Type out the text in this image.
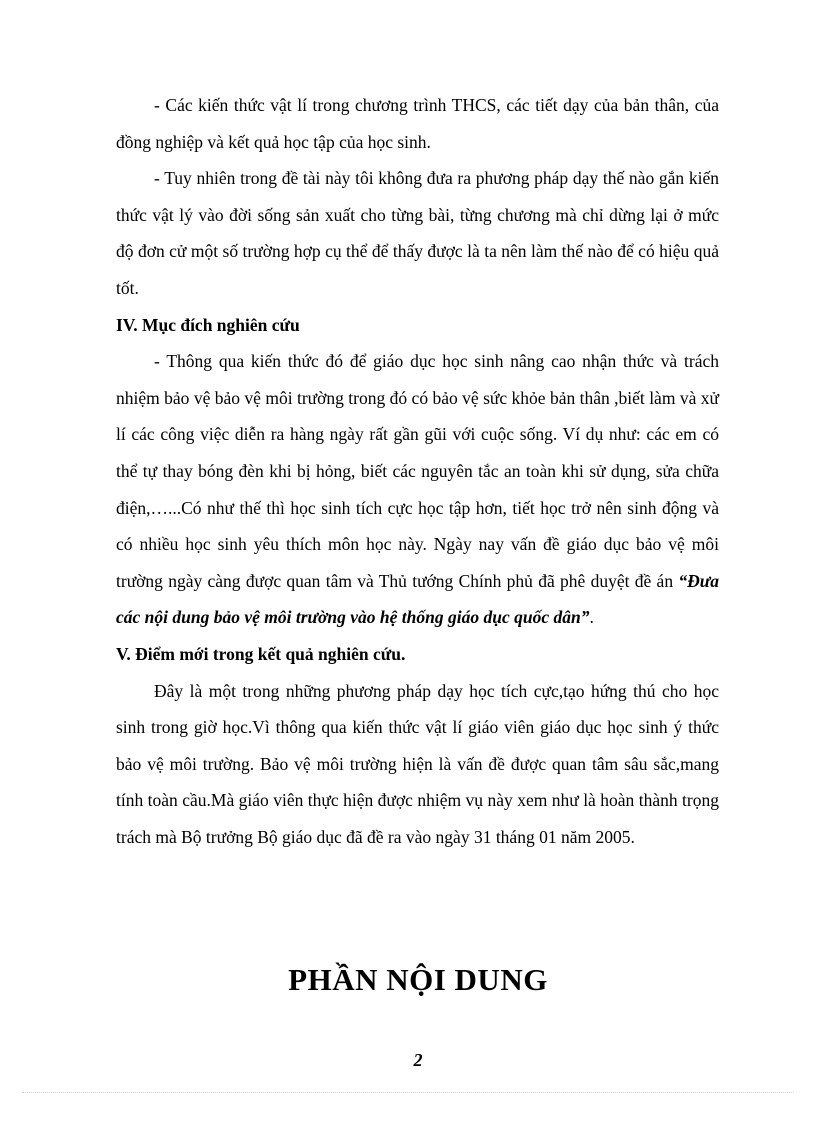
- Các kiến thức vật lí trong chương trình THCS, các tiết dạy của bản thân, của đồng nghiệp và kết quả học tập của học sinh.

- Tuy nhiên trong đề tài này tôi không đưa ra phương pháp dạy thế nào gắn kiến thức vật lý vào đời sống sản xuất cho từng bài, từng chương mà chỉ dừng lại ở mức độ đơn cử một số trường hợp cụ thể để thấy được là ta nên làm thế nào để có hiệu quả tốt.

IV. Mục đích nghiên cứu

- Thông qua kiến thức đó để giáo dục học sinh nâng cao nhận thức và trách nhiệm bảo vệ bảo vệ môi trường trong đó có bảo vệ sức khỏe bản thân ,biết làm và xử lí các công việc diễn ra hàng ngày rất gần gũi với cuộc sống. Ví dụ như: các em có thể tự thay bóng đèn khi bị hỏng, biết các nguyên tắc an toàn khi sử dụng, sửa chữa điện,…...Có như thế thì học sinh tích cực học tập hơn, tiết học trở nên sinh động và có nhiều học sinh yêu thích môn học này. Ngày nay vấn đề giáo dục bảo vệ môi trường ngày càng được quan tâm và Thủ tướng Chính phủ đã phê duyệt đề án “Đưa các nội dung bảo vệ môi trường vào hệ thống giáo dục quốc dân”.

V. Điểm mới trong kết quả nghiên cứu.

Đây là một trong những phương pháp dạy học tích cực,tạo hứng thú cho học sinh trong giờ học.Vì thông qua kiến thức vật lí giáo viên giáo dục học sinh ý thức bảo vệ môi trường. Bảo vệ môi trường hiện là vấn đề được quan tâm sâu sắc,mang tính toàn cầu.Mà giáo viên thực hiện được nhiệm vụ này xem như là hoàn thành trọng trách mà Bộ trưởng Bộ giáo dục đã đề ra vào ngày 31 tháng 01 năm 2005.

PHẦN NỘI DUNG
2
